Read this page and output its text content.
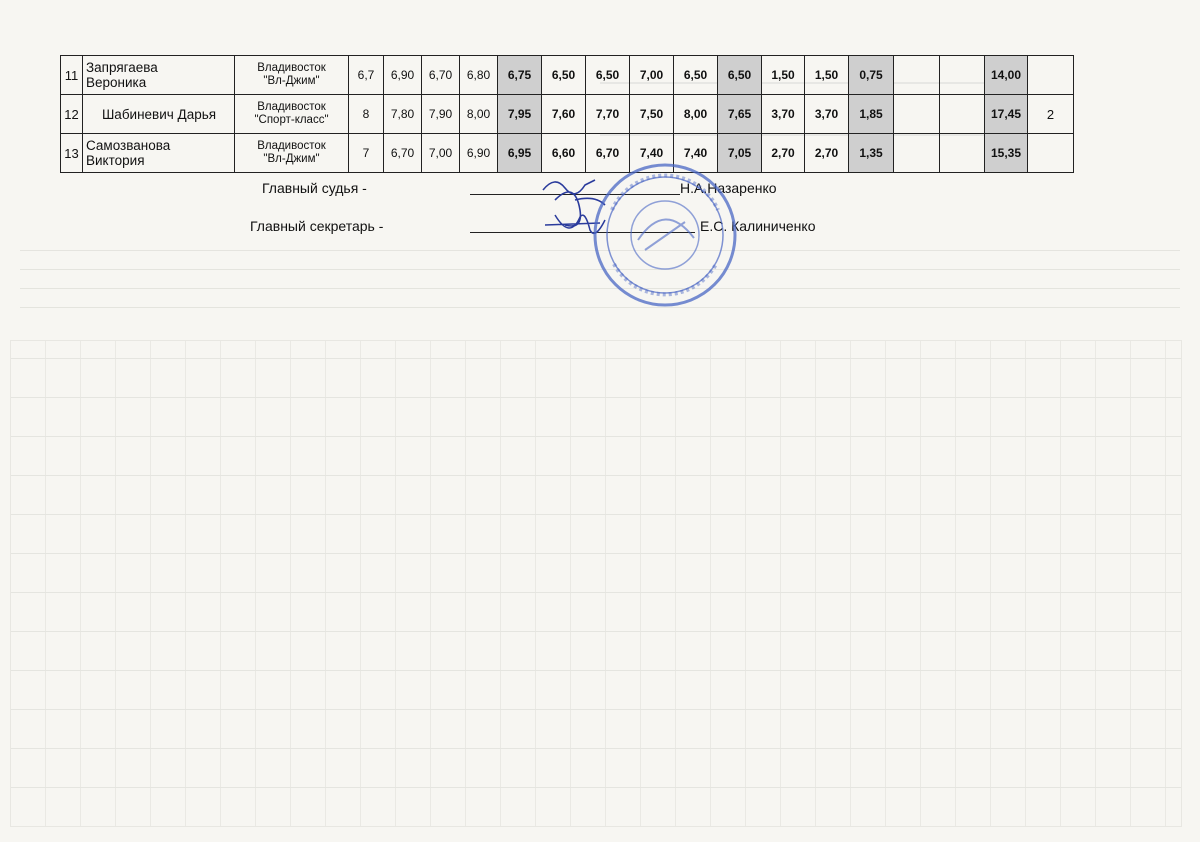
11	Запрягаева
Вероника	Владивосток
"Вл-Джим"	6,7	6,90	6,70	6,80	6,75	6,50	6,50	7,00	6,50	6,50	1,50	1,50	0,75			14,00	
12	Шабиневич Дарья	Владивосток
"Спорт-класс"	8	7,80	7,90	8,00	7,95	7,60	7,70	7,50	8,00	7,65	3,70	3,70	1,85			17,45	2
13	Самозванова
Виктория	Владивосток
"Вл-Джим"	7	6,70	7,00	6,90	6,95	6,60	6,70	7,40	7,40	7,05	2,70	2,70	1,35			15,35	
Главный судья -	Н.А.Назаренко
Главный секретарь -	Е.С. Калиниченко
